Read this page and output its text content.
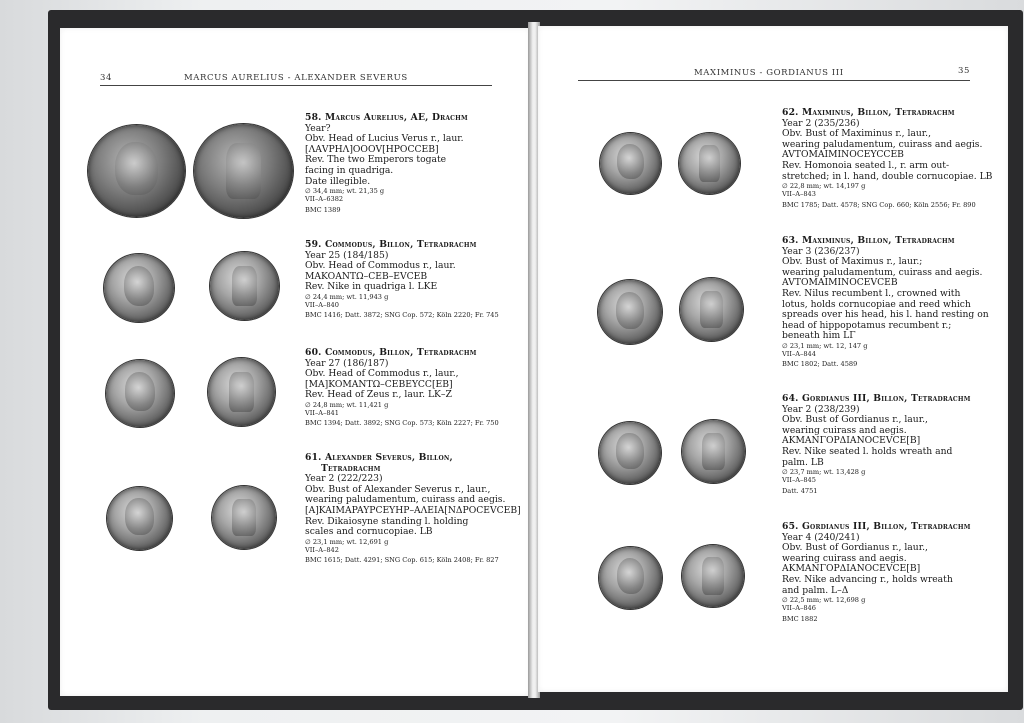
34	MARCUS AURELIUS - ALEXANDER SEVERUS
58. Marcus Aurelius, AE, Drachm
Year?
Obv. Head of Lucius Verus r., laur.
[ΛΑVPHΛ]ΟΟΟV[HPOCCEB]
Rev. The two Emperors togate
facing in quadriga.
Date illegible.
∅ 34,4 mm; wt. 21,35 g
VII–A–6382
BMC 1389
59. Commodus, Billon, Tetradrachm
Year 25 (184/185)
Obv. Head of Commodus r., laur.
MAKOANTΩ–CEB–EVCEB
Rev. Nike in quadriga l. LKE
∅ 24,4 mm; wt. 11,943 g
VII–A–840
BMC 1416; Datt. 3872; SNG Cop. 572; Köln 2220; Fr. 745
60. Commodus, Billon, Tetradrachm
Year 27 (186/187)
Obv. Head of Commodus r., laur.,
[MA]KOMANTΩ–CEBEYCC[EB]
Rev. Head of Zeus r., laur. LK–Z
∅ 24,8 mm; wt. 11,421 g
VII–A–841
BMC 1394; Datt. 3892; SNG Cop. 573; Köln 2227; Fr. 750
61. Alexander Severus, Billon,
Tetradrachm
Year 2 (222/223)
Obv. Bust of Alexander Severus r., laur.,
wearing paludamentum, cuirass and aegis.
[A]KAIMAPAYPCEYHP–AΛEIA[NΔPOCEVCEB]
Rev. Dikaiosyne standing l. holding
scales and cornucopiae. LB
∅ 23,1 mm; wt. 12,691 g
VII–A–842
BMC 1615; Datt. 4291; SNG Cop. 615; Köln 2408; Fr. 827
MAXIMINUS - GORDIANUS III	35
62. Maximinus, Billon, Tetradrachm
Year 2 (235/236)
Obv. Bust of Maximinus r., laur.,
wearing paludamentum, cuirass and aegis.
AVTOMAIMINOCEYCCEB
Rev. Homonoia seated l., r. arm out-
stretched; in l. hand, double cornucopiae. LB
∅ 22,8 mm; wt. 14,197 g
VII–A–843
BMC 1785; Datt. 4578; SNG Cop. 660; Köln 2556; Fr. 890
63. Maximinus, Billon, Tetradrachm
Year 3 (236/237)
Obv. Bust of Maximus r., laur.;
wearing paludamentum, cuirass and aegis.
AVTOMAIMINOCEVCEB
Rev. Nilus recumbent l., crowned with
lotus, holds cornucopiae and reed which
spreads over his head, his l. hand resting on
head of hippopotamus recumbent r.;
beneath him LΓ
∅ 23,1 mm; wt. 12, 147 g
VII–A–844
BMC 1802; Datt. 4589
64. Gordianus III, Billon, Tetradrachm
Year 2 (238/239)
Obv. Bust of Gordianus r., laur.,
wearing cuirass and aegis.
AKMANΓOPΔIANOCEVCE[B]
Rev. Nike seated l. holds wreath and
palm. LB
∅ 23,7 mm; wt. 13,428 g
VII–A–845
Datt. 4751
65. Gordianus III, Billon, Tetradrachm
Year 4 (240/241)
Obv. Bust of Gordianus r., laur.,
wearing cuirass and aegis.
AKMANΓOPΔIANOCEVCE[B]
Rev. Nike advancing r., holds wreath
and palm. L–Δ
∅ 22,5 mm; wt. 12,698 g
VII–A–846
BMC 1882
